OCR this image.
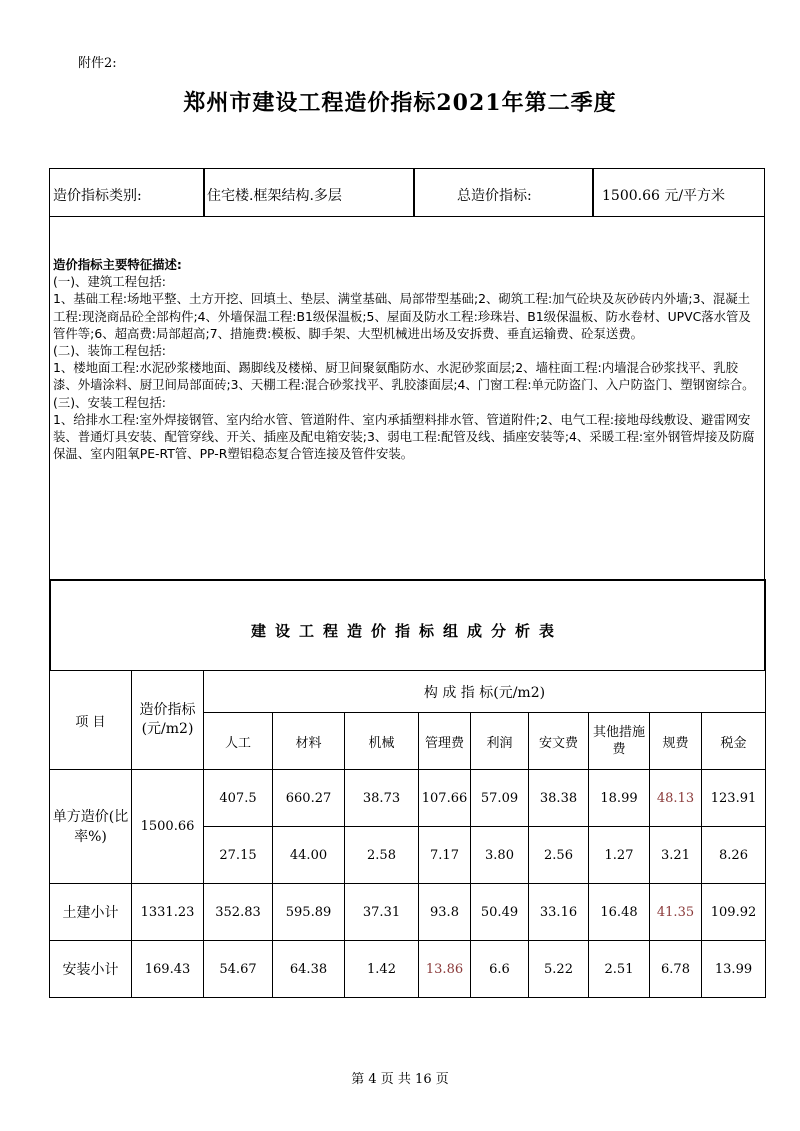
附件2:
郑州市建设工程造价指标2021年第二季度
造价指标类别:	住宅楼.框架结构.多层	总造价指标:	1500.66 元/平方米

造价指标主要特征描述:

(一)、建筑工程包括:

1、基础工程:场地平整、土方开挖、回填土、垫层、满堂基础、局部带型基础;2、砌筑工程:加气砼块及灰砂砖内外墙;3、混凝土工程:现浇商品砼全部构件;4、外墙保温工程:B1级保温板;5、屋面及防水工程:珍珠岩、B1级保温板、防水卷材、UPVC落水管及管件等;6、超高费:局部超高;7、措施费:模板、脚手架、大型机械进出场及安拆费、垂直运输费、砼泵送费。

(二)、装饰工程包括:

1、楼地面工程:水泥砂浆楼地面、踢脚线及楼梯、厨卫间聚氨酯防水、水泥砂浆面层;2、墙柱面工程:内墙混合砂浆找平、乳胶漆、外墙涂料、厨卫间局部面砖;3、天棚工程:混合砂浆找平、乳胶漆面层;4、门窗工程:单元防盗门、入户防盗门、塑钢窗综合。

(三)、安装工程包括:

1、给排水工程:室外焊接钢管、室内给水管、管道附件、室内承插塑料排水管、管道附件;2、电气工程:接地母线敷设、避雷网安装、普通灯具安装、配管穿线、开关、插座及配电箱安装;3、弱电工程:配管及线、插座安装等;4、采暖工程:室外钢管焊接及防腐保温、室内阻氧PE-RT管、PP-R塑铝稳态复合管连接及管件安装。

建设工程造价指标组成分析表
项 目	造价指标(元/m2)	构 成 指 标(元/m2)								
		人工	材料	机械	管理费	利润	安文费	其他措施费	规费	税金
单方造价(比率%)	1500.66	407.5	660.27	38.73	107.66	57.09	38.38	18.99	48.13	123.91
		27.15	44.00	2.58	7.17	3.80	2.56	1.27	3.21	8.26
土建小计	1331.23	352.83	595.89	37.31	93.8	50.49	33.16	16.48	41.35	109.92
安装小计	169.43	54.67	64.38	1.42	13.86	6.6	5.22	2.51	6.78	13.99
第 4 页 共 16 页
